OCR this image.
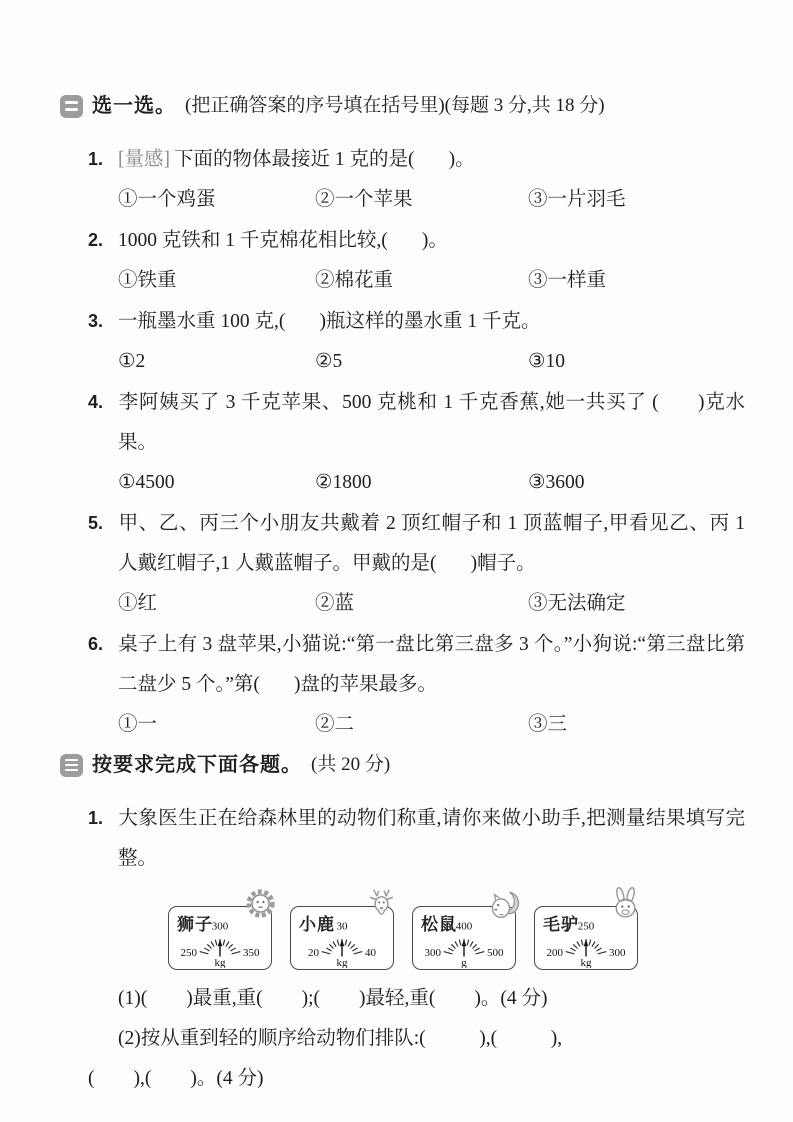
选一选。 (把正确答案的序号填在括号里)(每题 3 分,共 18 分)
1. [量感] 下面的物体最接近 1 克的是(       )。
①一个鸡蛋	②一个苹果	③一片羽毛
2. 1000 克铁和 1 千克棉花相比较,(       )。
①铁重	②棉花重	③一样重
3. 一瓶墨水重 100 克,(       )瓶这样的墨水重 1 千克。
①2	②5	③10
4. 李阿姨买了 3 千克苹果、500 克桃和 1 千克香蕉,她一共买了 (       )克水果。
①4500	②1800	③3600
5. 甲、乙、丙三个小朋友共戴着 2 顶红帽子和 1 顶蓝帽子,甲看见乙、丙 1 人戴红帽子,1 人戴蓝帽子。甲戴的是(       )帽子。
①红	②蓝	③无法确定
6. 桌子上有 3 盘苹果,小猫说:“第一盘比第三盘多 3 个。”小狗说:“第三盘比第二盘少 5 个。”第(       )盘的苹果最多。
①一	②二	③三
按要求完成下面各题。 (共 20 分)
1. 大象医生正在给森林里的动物们称重,请你来做小助手,把测量结果填写完整。
狮子
300
250	350
kg
小鹿 30
20	40
kg
松鼠
400
300	500
g
毛驴
250
200	300
kg
(1)(        )最重,重(        );(        )最轻,重(        )。(4 分)
(2)按从重到轻的顺序给动物们排队:(           ),(           ),
(        ),(        )。(4 分)
